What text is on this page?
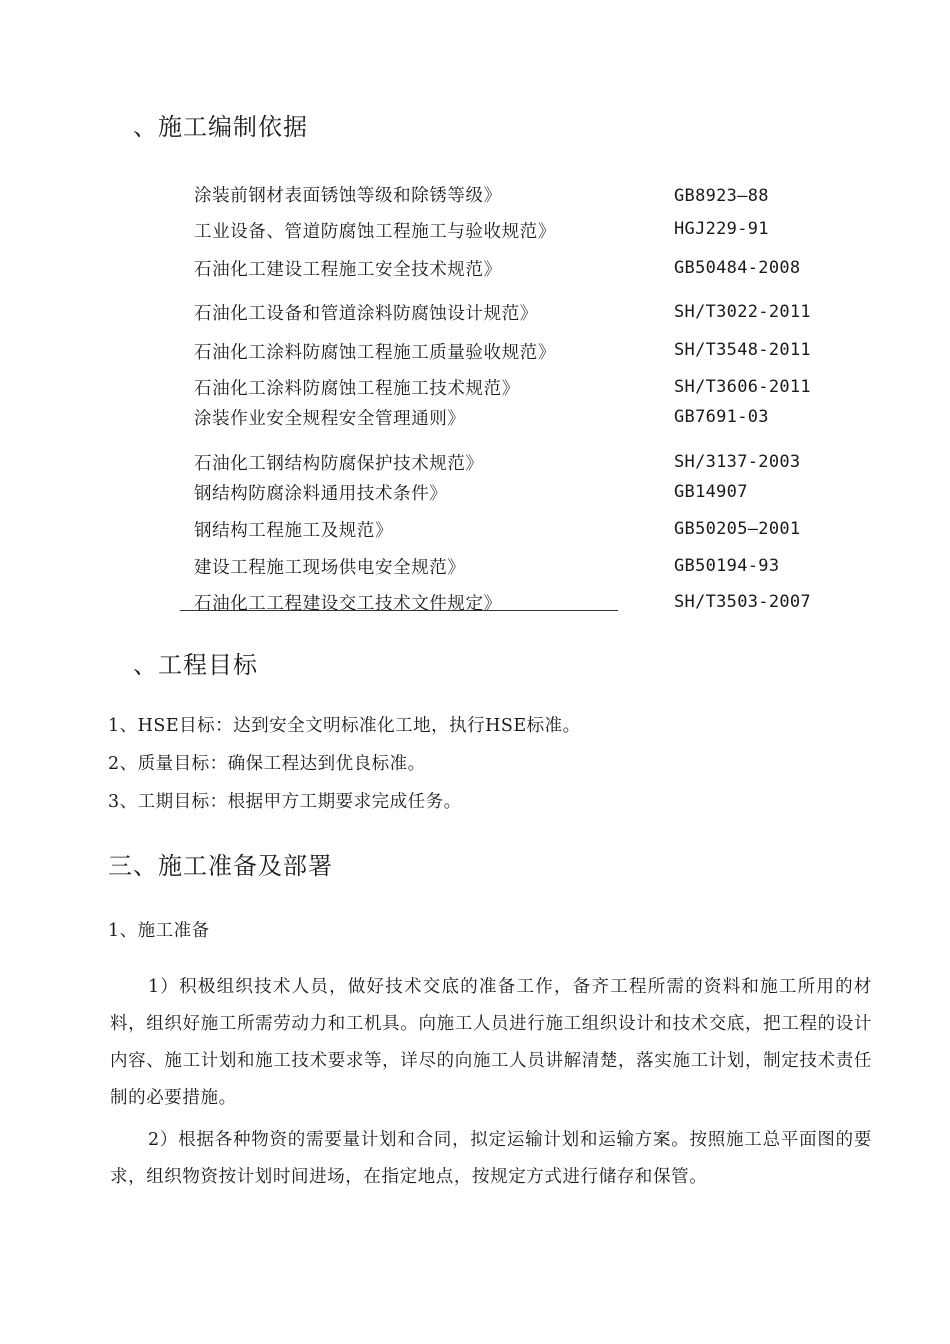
、施工编制依据
涂装前钢材表面锈蚀等级和除锈等级》	GB8923—88
工业设备、管道防腐蚀工程施工与验收规范》	HGJ229-91
石油化工建设工程施工安全技术规范》	GB50484-2008
石油化工设备和管道涂料防腐蚀设计规范》	SH/T3022-2011
石油化工涂料防腐蚀工程施工质量验收规范》	SH/T3548-2011
石油化工涂料防腐蚀工程施工技术规范》	SH/T3606-2011
涂装作业安全规程安全管理通则》	GB7691-03
石油化工钢结构防腐保护技术规范》	SH/3137-2003
钢结构防腐涂料通用技术条件》	GB14907
钢结构工程施工及规范》	GB50205—2001
建设工程施工现场供电安全规范》	GB50194-93
石油化工工程建设交工技术文件规定》	SH/T3503-2007
、工程目标
1、HSE目标：达到安全文明标准化工地，执行HSE标准。
2、质量目标：确保工程达到优良标准。
3、工期目标：根据甲方工期要求完成任务。
三、施工准备及部署
1、施工准备
1）积极组织技术人员，做好技术交底的准备工作，备齐工程所需的资料和施工所用的材料，组织好施工所需劳动力和工机具。向施工人员进行施工组织设计和技术交底，把工程的设计内容、施工计划和施工技术要求等，详尽的向施工人员讲解清楚，落实施工计划，制定技术责任制的必要措施。
2）根据各种物资的需要量计划和合同，拟定运输计划和运输方案。按照施工总平面图的要求，组织物资按计划时间进场，在指定地点，按规定方式进行储存和保管。
